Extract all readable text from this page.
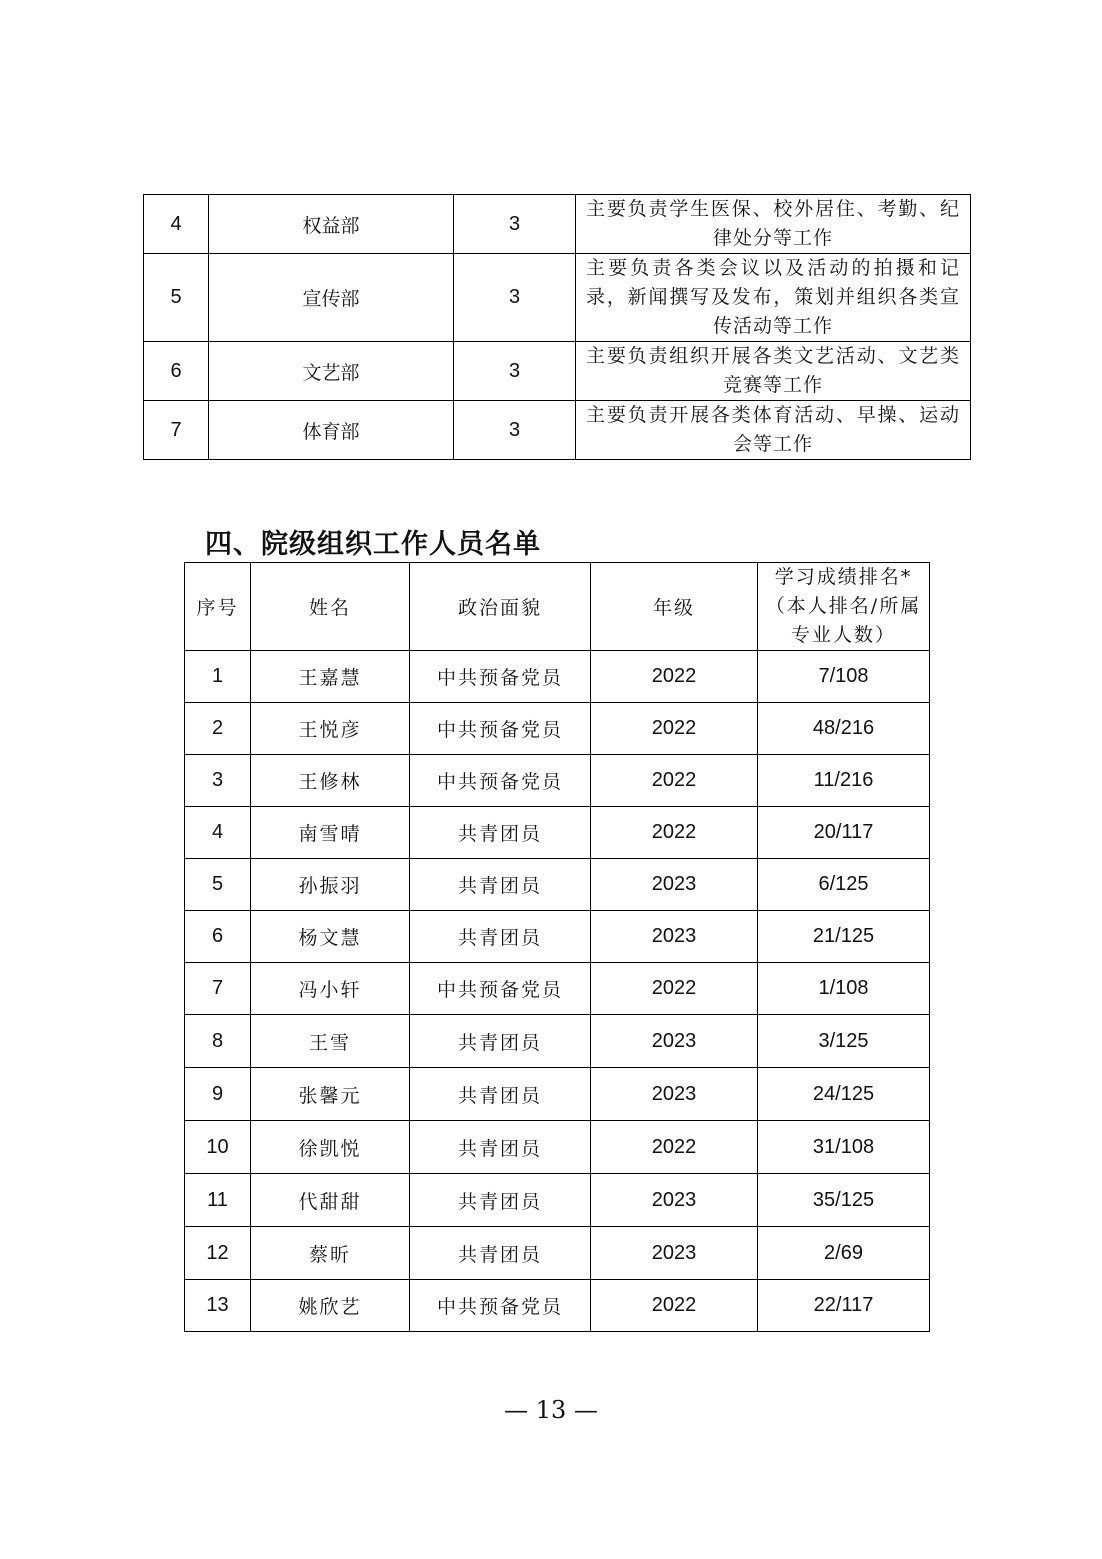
4	权益部	3	主要负责学生医保、校外居住、考勤、纪律处分等工作
5	宣传部	3	主要负责各类会议以及活动的拍摄和记录，新闻撰写及发布，策划并组织各类宣传活动等工作
6	文艺部	3	主要负责组织开展各类文艺活动、文艺类竞赛等工作
7	体育部	3	主要负责开展各类体育活动、早操、运动会等工作
四、院级组织工作人员名单
序号	姓名	政治面貌	年级	学习成绩排名*（本人排名/所属专业人数）
1	王嘉慧	中共预备党员	2022	7/108
2	王悦彦	中共预备党员	2022	48/216
3	王修林	中共预备党员	2022	11/216
4	南雪晴	共青团员	2022	20/117
5	孙振羽	共青团员	2023	6/125
6	杨文慧	共青团员	2023	21/125
7	冯小轩	中共预备党员	2022	1/108
8	王雪	共青团员	2023	3/125
9	张馨元	共青团员	2023	24/125
10	徐凯悦	共青团员	2022	31/108
11	代甜甜	共青团员	2023	35/125
12	蔡昕	共青团员	2023	2/69
13	姚欣艺	中共预备党员	2022	22/117
— 13 —
